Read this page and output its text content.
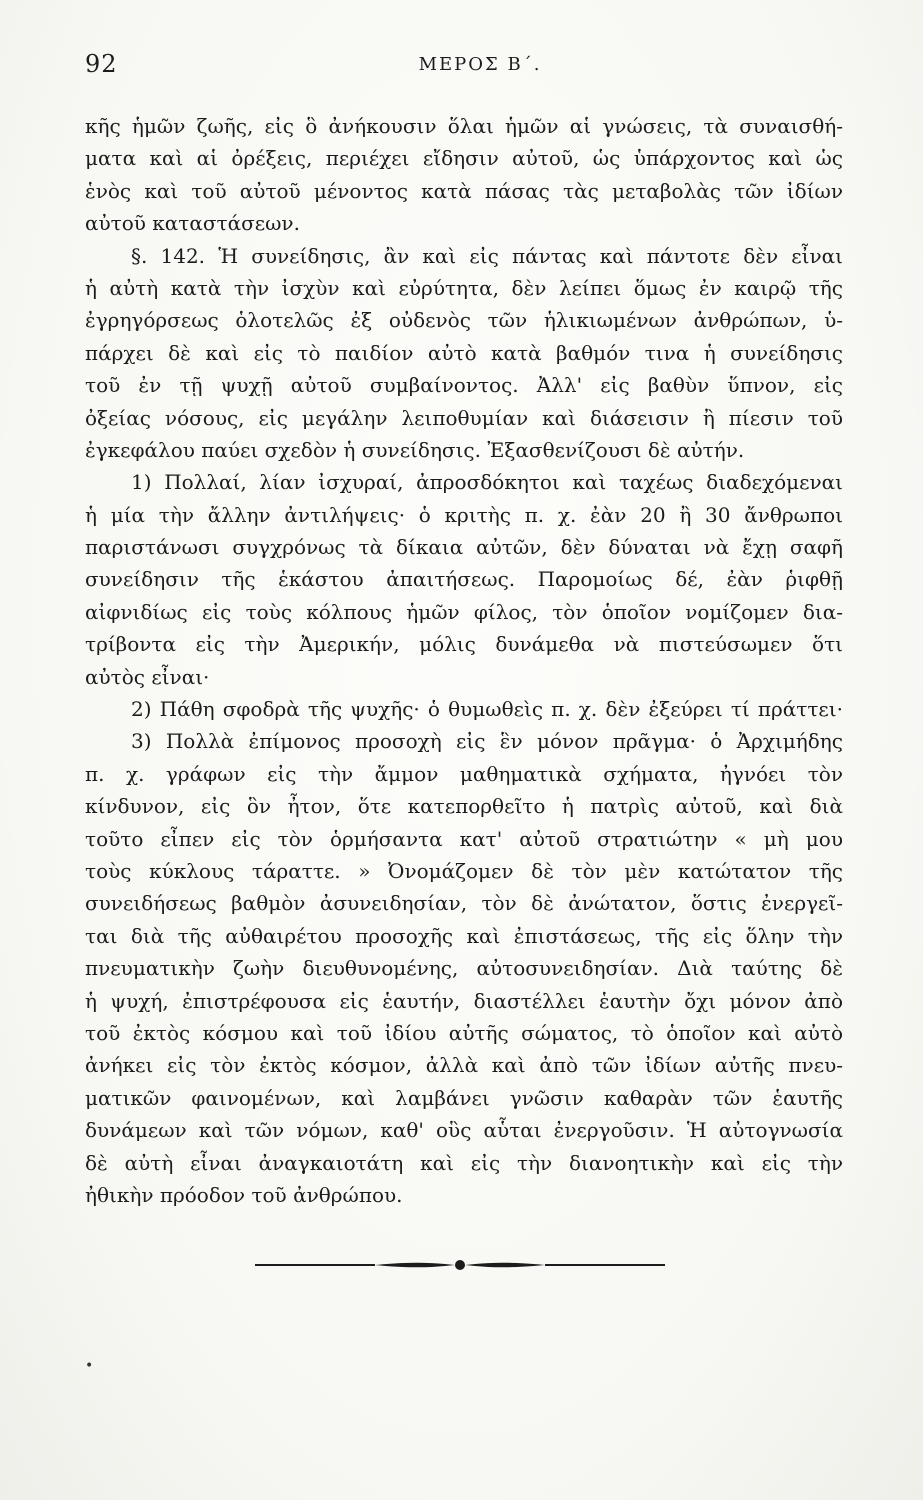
92	ΜΕΡΟΣ Β΄.
κῆς ἡμῶν ζωῆς, εἰς ὃ ἀνήκουσιν ὅλαι ἡμῶν αἱ γνώσεις, τὰ συναισθή-
ματα καὶ αἱ ὀρέξεις, περιέχει εἴδησιν αὐτοῦ, ὡς ὑπάρχοντος καὶ ὡς
ἑνὸς καὶ τοῦ αὐτοῦ μένοντος κατὰ πάσας τὰς μεταβολὰς τῶν ἰδίων
αὐτοῦ καταστάσεων.
§. 142. Ἡ συνείδησις, ἂν καὶ εἰς πάντας καὶ πάντοτε δὲν εἶναι
ἡ αὐτὴ κατὰ τὴν ἰσχὺν καὶ εὐρύτητα, δὲν λείπει ὅμως ἐν καιρῷ τῆς
ἐγρηγόρσεως ὁλοτελῶς ἐξ οὐδενὸς τῶν ἡλικιωμένων ἀνθρώπων, ὑ-
πάρχει δὲ καὶ εἰς τὸ παιδίον αὐτὸ κατὰ βαθμόν τινα ἡ συνείδησις
τοῦ ἐν τῇ ψυχῇ αὐτοῦ συμβαίνοντος. Ἀλλ' εἰς βαθὺν ὕπνον, εἰς
ὀξείας νόσους, εἰς μεγάλην λειποθυμίαν καὶ διάσεισιν ἢ πίεσιν τοῦ
ἐγκεφάλου παύει σχεδὸν ἡ συνείδησις. Ἐξασθενίζουσι δὲ αὐτήν.
1) Πολλαί, λίαν ἰσχυραί, ἀπροσδόκητοι καὶ ταχέως διαδεχόμεναι
ἡ μία τὴν ἄλλην ἀντιλήψεις· ὁ κριτὴς π. χ. ἐὰν 20 ἢ 30 ἄνθρωποι
παριστάνωσι συγχρόνως τὰ δίκαια αὐτῶν, δὲν δύναται νὰ ἔχῃ σαφῆ
συνείδησιν τῆς ἑκάστου ἀπαιτήσεως. Παρομοίως δέ, ἐὰν ῥιφθῇ
αἰφνιδίως εἰς τοὺς κόλπους ἡμῶν φίλος, τὸν ὁποῖον νομίζομεν δια-
τρίβοντα εἰς τὴν Ἀμερικήν, μόλις δυνάμεθα νὰ πιστεύσωμεν ὅτι
αὐτὸς εἶναι·
2) Πάθη σφοδρὰ τῆς ψυχῆς· ὁ θυμωθεὶς π. χ. δὲν ἐξεύρει τί πράττει·
3) Πολλὰ ἐπίμονος προσοχὴ εἰς ἓν μόνον πρᾶγμα· ὁ Ἀρχιμήδης
π. χ. γράφων εἰς τὴν ἄμμον μαθηματικὰ σχήματα, ἠγνόει τὸν
κίνδυνον, εἰς ὃν ἦτον, ὅτε κατεπορθεῖτο ἡ πατρὶς αὐτοῦ, καὶ διὰ
τοῦτο εἶπεν εἰς τὸν ὁρμήσαντα κατ' αὐτοῦ στρατιώτην « μὴ μου
τοὺς κύκλους τάραττε. » Ὀνομάζομεν δὲ τὸν μὲν κατώτατον τῆς
συνειδήσεως βαθμὸν ἀσυνειδησίαν, τὸν δὲ ἀνώτατον, ὅστις ἐνεργεῖ-
ται διὰ τῆς αὐθαιρέτου προσοχῆς καὶ ἐπιστάσεως, τῆς εἰς ὅλην τὴν
πνευματικὴν ζωὴν διευθυνομένης, αὐτοσυνειδησίαν. Διὰ ταύτης δὲ
ἡ ψυχή, ἐπιστρέφουσα εἰς ἑαυτήν, διαστέλλει ἑαυτὴν ὄχι μόνον ἀπὸ
τοῦ ἐκτὸς κόσμου καὶ τοῦ ἰδίου αὐτῆς σώματος, τὸ ὁποῖον καὶ αὐτὸ
ἀνήκει εἰς τὸν ἐκτὸς κόσμον, ἀλλὰ καὶ ἀπὸ τῶν ἰδίων αὐτῆς πνευ-
ματικῶν φαινομένων, καὶ λαμβάνει γνῶσιν καθαρὰν τῶν ἑαυτῆς
δυνάμεων καὶ τῶν νόμων, καθ' οὓς αὗται ἐνεργοῦσιν. Ἡ αὐτογνωσία
δὲ αὐτὴ εἶναι ἀναγκαιοτάτη καὶ εἰς τὴν διανοητικὴν καὶ εἰς τὴν
ἠθικὴν πρόοδον τοῦ ἀνθρώπου.
•
